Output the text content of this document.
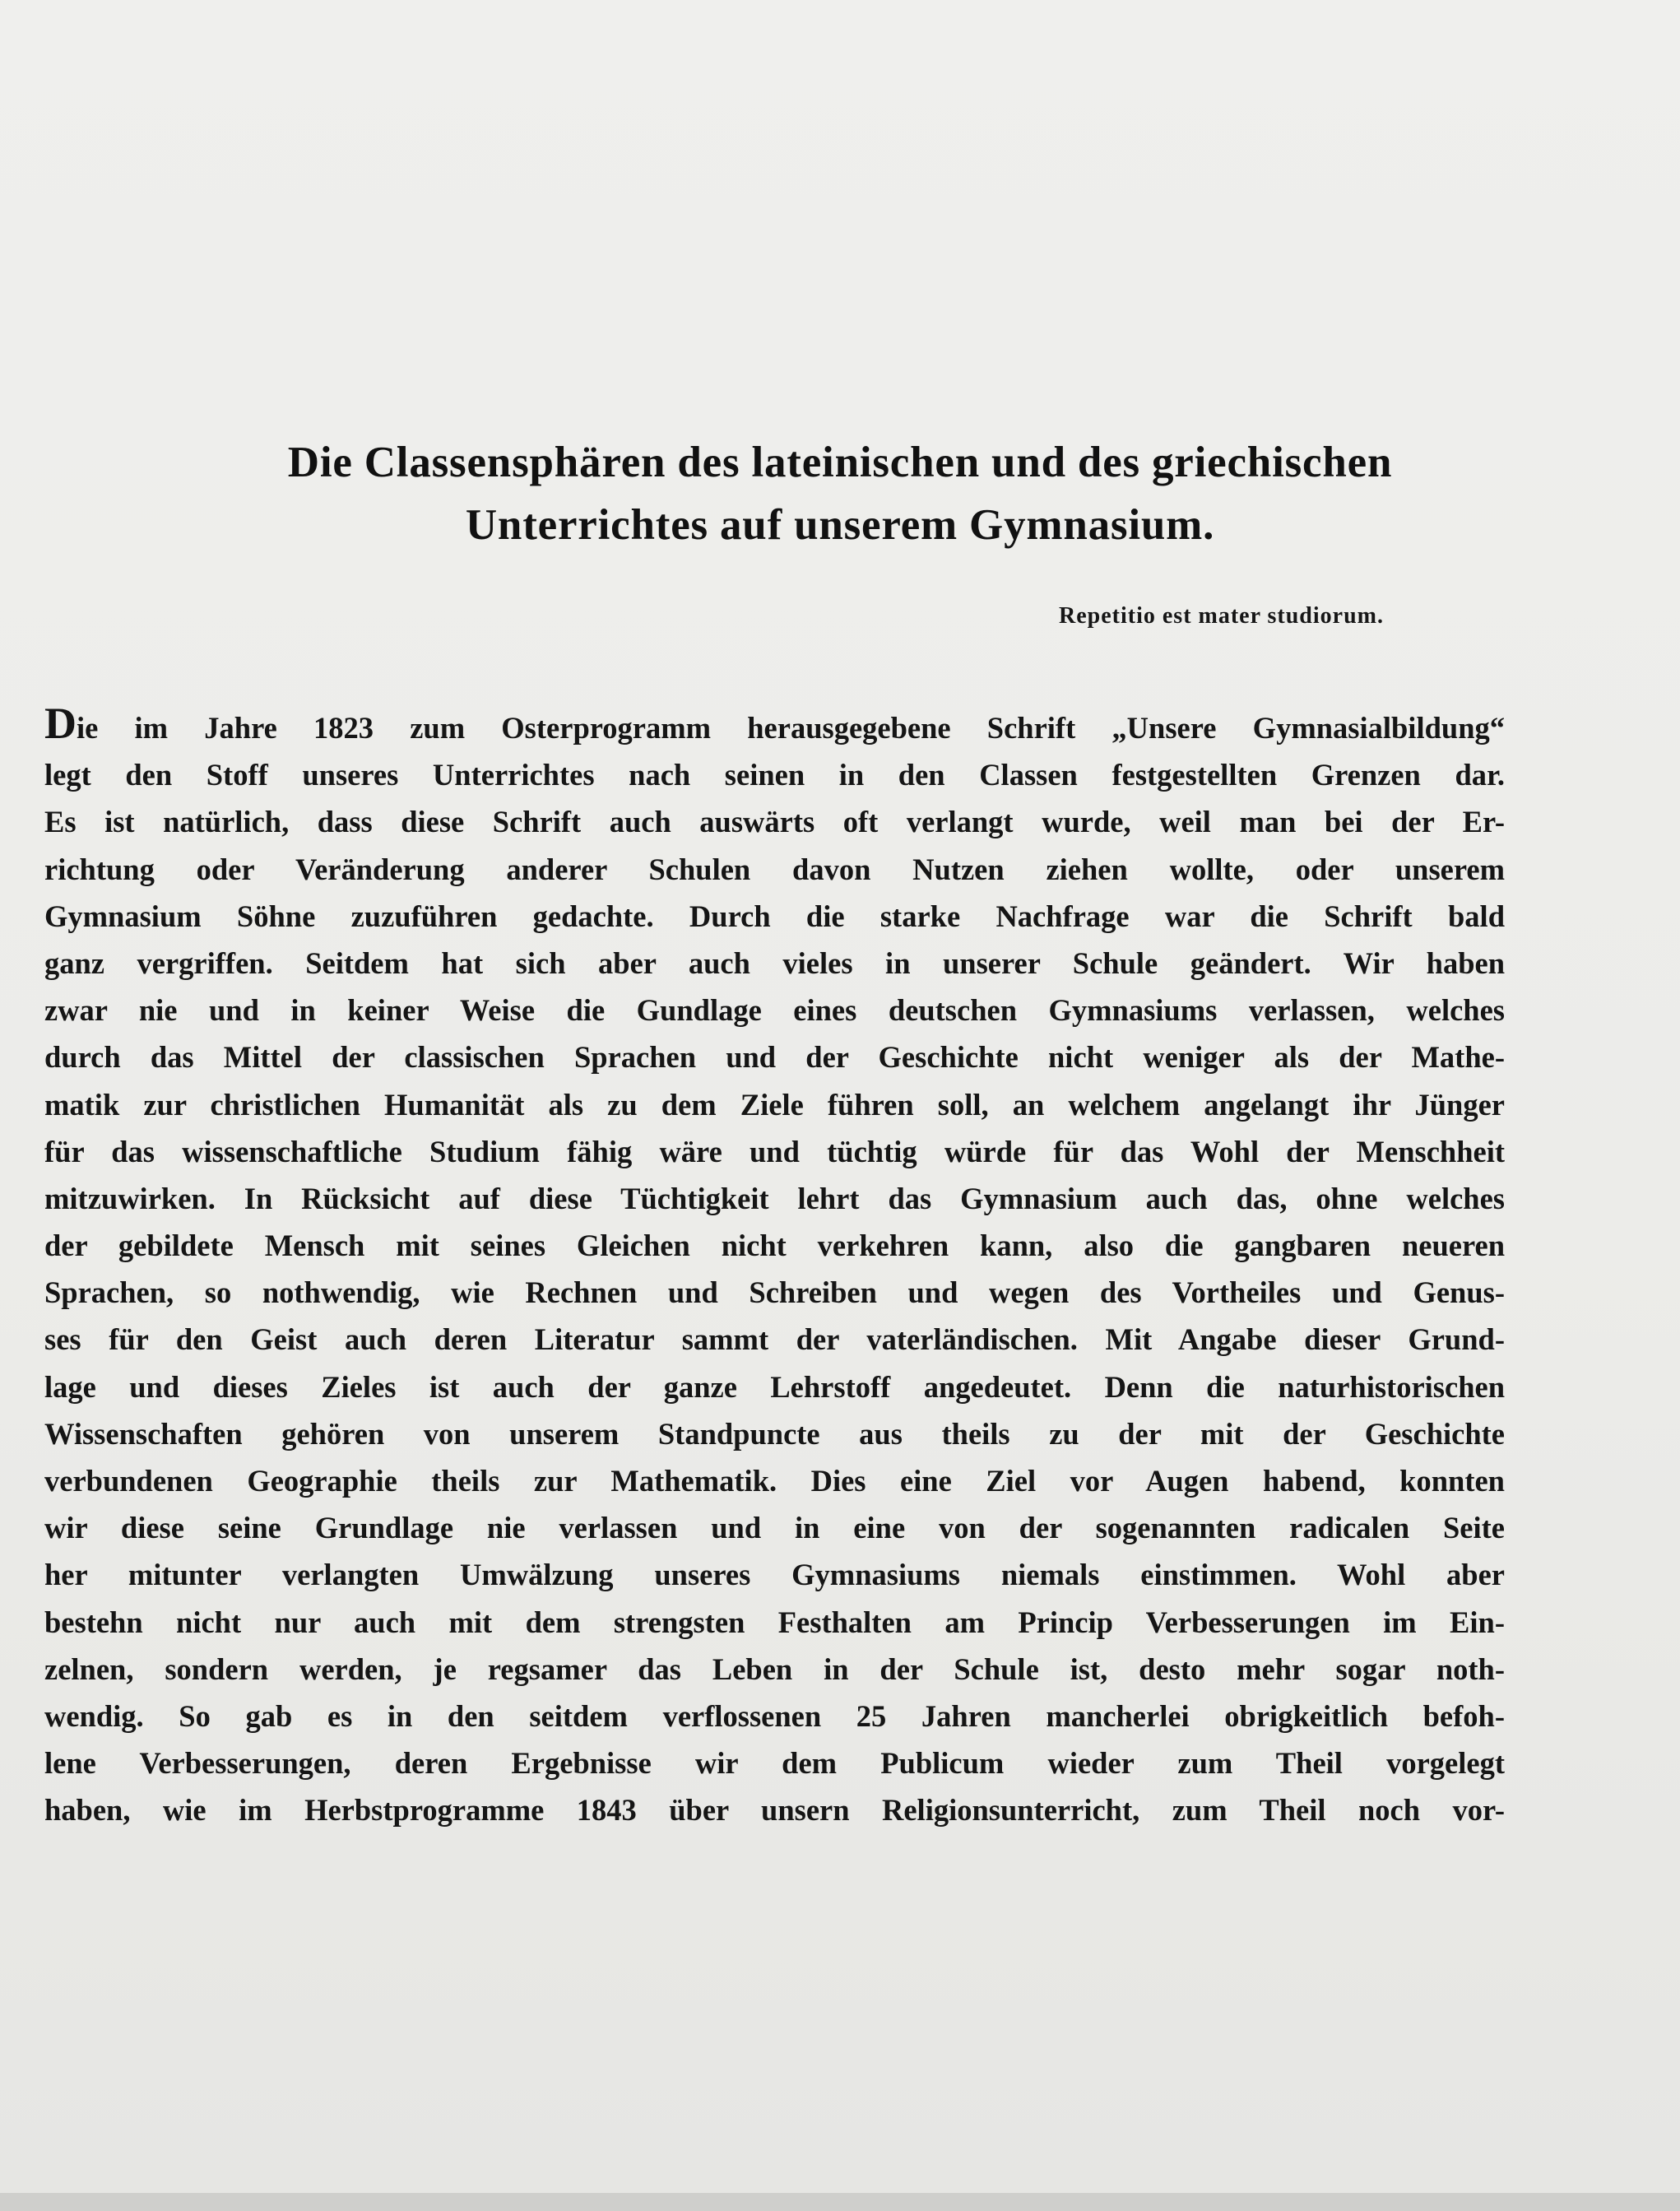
Die Classensphären des lateinischen und des griechischen
Unterrichtes auf unserem Gymnasium.
Repetitio est mater studiorum.
Die im Jahre 1823 zum Osterprogramm herausgegebene Schrift „Unsere Gymnasialbildung“
legt den Stoff unseres Unterrichtes nach seinen in den Classen festgestellten Grenzen dar.
Es ist natürlich, dass diese Schrift auch auswärts oft verlangt wurde, weil man bei der Er-
richtung oder Veränderung anderer Schulen davon Nutzen ziehen wollte, oder unserem
Gymnasium Söhne zuzuführen gedachte. Durch die starke Nachfrage war die Schrift bald
ganz vergriffen. Seitdem hat sich aber auch vieles in unserer Schule geändert. Wir haben
zwar nie und in keiner Weise die Gundlage eines deutschen Gymnasiums verlassen, welches
durch das Mittel der classischen Sprachen und der Geschichte nicht weniger als der Mathe-
matik zur christlichen Humanität als zu dem Ziele führen soll, an welchem angelangt ihr Jünger
für das wissenschaftliche Studium fähig wäre und tüchtig würde für das Wohl der Menschheit
mitzuwirken. In Rücksicht auf diese Tüchtigkeit lehrt das Gymnasium auch das, ohne welches
der gebildete Mensch mit seines Gleichen nicht verkehren kann, also die gangbaren neueren
Sprachen, so nothwendig, wie Rechnen und Schreiben und wegen des Vortheiles und Genus-
ses für den Geist auch deren Literatur sammt der vaterländischen. Mit Angabe dieser Grund-
lage und dieses Zieles ist auch der ganze Lehrstoff angedeutet. Denn die naturhistorischen
Wissenschaften gehören von unserem Standpuncte aus theils zu der mit der Geschichte
verbundenen Geographie theils zur Mathematik. Dies eine Ziel vor Augen habend, konnten
wir diese seine Grundlage nie verlassen und in eine von der sogenannten radicalen Seite
her mitunter verlangten Umwälzung unseres Gymnasiums niemals einstimmen. Wohl aber
bestehn nicht nur auch mit dem strengsten Festhalten am Princip Verbesserungen im Ein-
zelnen, sondern werden, je regsamer das Leben in der Schule ist, desto mehr sogar noth-
wendig. So gab es in den seitdem verflossenen 25 Jahren mancherlei obrigkeitlich befoh-
lene Verbesserungen, deren Ergebnisse wir dem Publicum wieder zum Theil vorgelegt
haben, wie im Herbstprogramme 1843 über unsern Religionsunterricht, zum Theil noch vor-
